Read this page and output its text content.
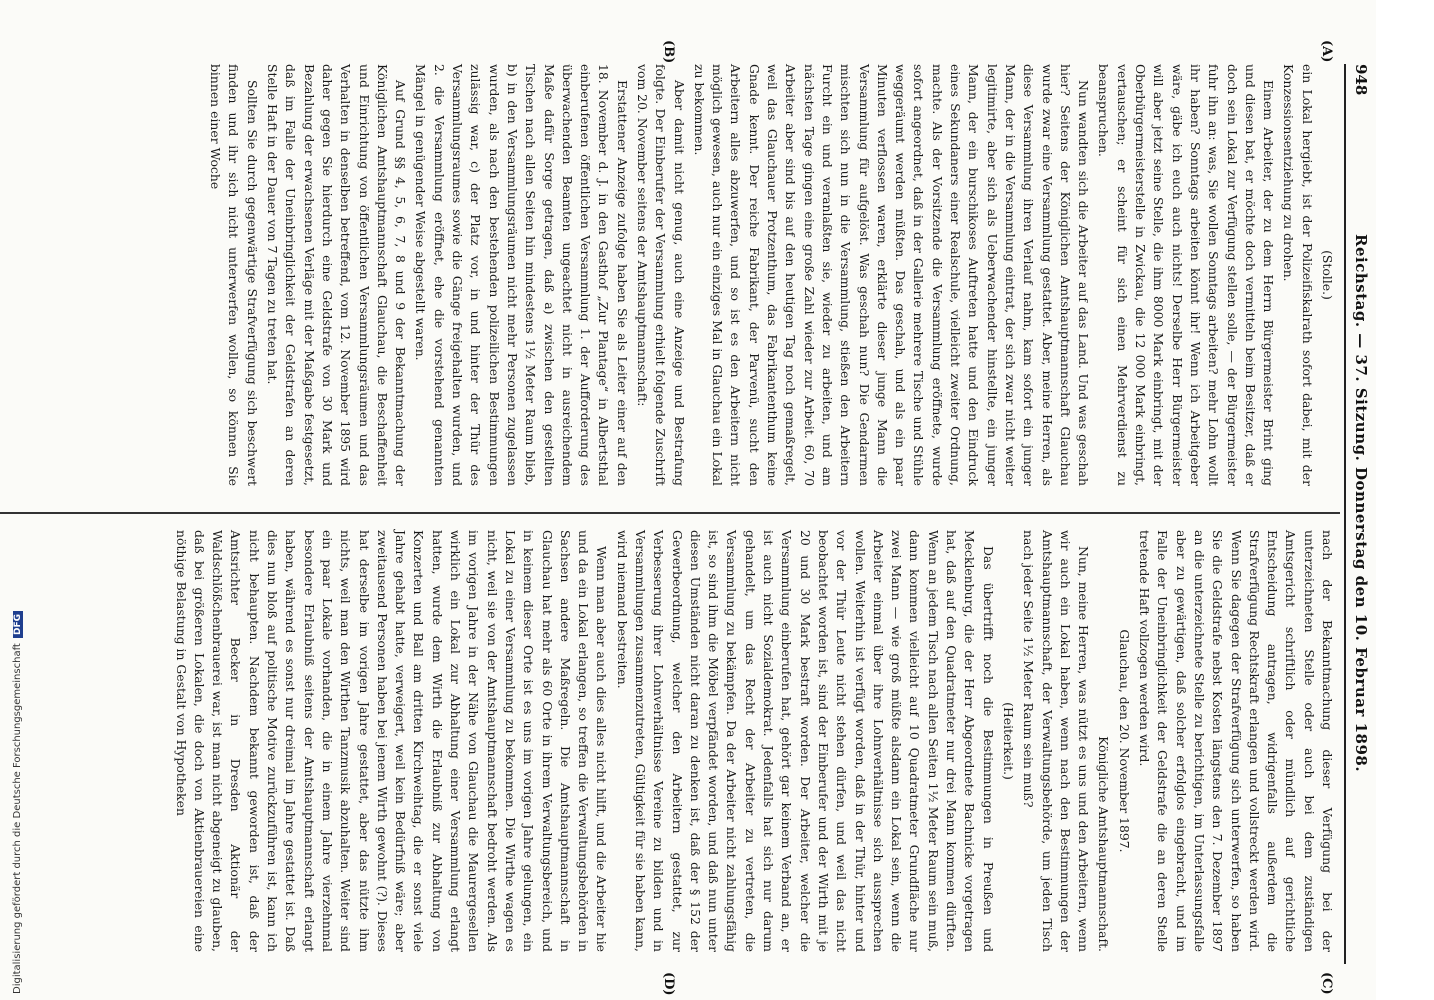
948
Reichstag. — 37. Sitzung. Donnerstag den 10. Februar 1898.
(A)
(B)
(C)
(D)

(Stolle.)

ein Lokal hergiebt, ist der Polizeifiskalrath sofort dabei, mit der Konzessionsentziehung zu drohen.

Einem Arbeiter, der zu dem Herrn Bürgermeister Brint ging und diesen bat, er möchte doch vermitteln beim Besitzer, daß er doch sein Lokal zur Verfügung stellen solle, — der Bürgermeister fuhr ihn an: was, Sie wollen Sonntags arbeiten? mehr Lohn wollt ihr haben? Sonntags arbeiten könnt ihr! Wenn ich Arbeitgeber wäre, gäbe ich euch auch nichts! Derselbe Herr Bürgermeister will aber jetzt seine Stelle, die ihm 8000 Mark einbringt, mit der Oberbürgermeisterstelle in Zwickau, die 12 000 Mark einbringt, vertauschen; er scheint für sich einen Mehrverdienst zu beanspruchen.

Nun wandten sich die Arbeiter auf das Land. Und was geschah hier? Seitens der Königlichen Amtshauptmannschaft Glauchau wurde zwar eine Versammlung gestattet. Aber, meine Herren, als diese Versammlung ihren Verlauf nahm, kam sofort ein junger Mann, der in die Versammlung eintrat, der sich zwar nicht weiter legitimirte, aber sich als Ueberwachender hinstellte, ein junger Mann, der ein burschikoses Auftreten hatte und den Eindruck eines Sekundaners einer Realschule, vielleicht zweiter Ordnung, machte. Als der Vorsitzende die Versammlung eröffnete, wurde sofort angeordnet, daß in der Gallerie mehrere Tische und Stühle weggeräumt werden müßten. Das geschah, und als ein paar Minuten verflossen waren, erklärte dieser junge Mann die Versammlung für aufgelöst. Was geschah nun? Die Gendarmen mischten sich nun in die Versammlung, stießen den Arbeitern Furcht ein und veranlaßten sie, wieder zu arbeiten, und am nächsten Tage gingen eine große Zahl wieder zur Arbeit. 60, 70 Arbeiter aber sind bis auf den heutigen Tag noch gemaßregelt, weil das Glauchauer Protzenthum, das Fabrikantenthum keine Gnade kennt. Der reiche Fabrikant, der Parvenü, sucht den Arbeitern alles abzuwerfen, und so ist es den Arbeitern nicht möglich gewesen, auch nur ein einziges Mal in Glauchau ein Lokal zu bekommen.

Aber damit nicht genug, auch eine Anzeige und Bestrafung folgte. Der Einberufer der Versammlung erhielt folgende Zuschrift vom 20. November seitens der Amtshauptmannschaft:

Erstattener Anzeige zufolge haben Sie als Leiter einer auf den 18. November d. J. in den Gasthof „Zur Plantage“ in Albertsthal einberufenen öffentlichen Versammlung 1. der Aufforderung des überwachenden Beamten ungeachtet nicht in ausreichendem Maße dafür Sorge getragen, daß a) zwischen den gestellten Tischen nach allen Seiten hin mindestens 1½ Meter Raum blieb, b) in den Versammlungsräumen nicht mehr Personen zugelassen wurden, als nach den bestehenden polizeilichen Bestimmungen zulässig war, c) der Platz vor, in und hinter der Thür des Versammlungsraumes sowie die Gänge freigehalten wurden, und 2. die Versammlung eröffnet, ehe die vorstehend genannten Mängel in genügender Weise abgestellt waren.

Auf Grund §§ 4, 5, 6, 7, 8 und 9 der Bekanntmachung der Königlichen Amtshauptmannschaft Glauchau, die Beschaffenheit und Einrichtung von öffentlichen Versammlungsräumen und das Verhalten in denselben betreffend, vom 12. November 1895 wird daher gegen Sie hierdurch eine Geldstrafe von 30 Mark und Bezahlung der erwachsenen Verläge mit der Maßgabe festgesetzt, daß im Falle der Uneinbringlichkeit der Geldstrafen an deren Stelle Haft in der Dauer von 7 Tagen zu treten hat.

Sollten Sie durch gegenwärtige Strafverfügung sich beschwert finden und ihr sich nicht unterwerfen wollen, so können Sie binnen einer Woche

nach der Bekanntmachung dieser Verfügung bei der unterzeichneten Stelle oder auch bei dem zuständigen Amtsgericht schriftlich oder mündlich auf gerichtliche Entscheidung antragen, widrigenfalls außerdem die Strafverfügung Rechtskraft erlangen und vollstreckt werden wird. Wenn Sie dagegen der Strafverfügung sich unterwerfen, so haben Sie die Geldstrafe nebst Kosten längstens den 7. Dezember 1897 an die unterzeichnete Stelle zu berichtigen, im Unterlassungsfalle aber zu gewärtigen, daß solcher erfolglos eingebracht, und im Falle der Uneinbringlichkeit der Geldstrafe die an deren Stelle tretende Haft vollzogen werden wird.

Glauchau, den 20. November 1897.

Königliche Amtshauptmannschaft.

Nun, meine Herren, was nützt es uns und den Arbeitern, wenn wir auch ein Lokal haben, wenn nach den Bestimmungen der Amtshauptmannschaft, der Verwaltungsbehörde, um jeden Tisch nach jeder Seite 1½ Meter Raum sein muß?

(Heiterkeit.)

Das übertrifft noch die Bestimmungen in Preußen und Mecklenburg, die der Herr Abgeordnete Bachnicke vorgetragen hat, daß auf den Quadratmeter nur drei Mann kommen dürften. Wenn an jedem Tisch nach allen Seiten 1½ Meter Raum sein muß, dann kommen vielleicht auf 10 Quadratmeter Grundfläche nur zwei Mann — wie groß müßte alsdann ein Lokal sein, wenn die Arbeiter einmal über ihre Lohnverhältnisse sich aussprechen wollen. Weiterhin ist verfügt worden, daß in der Thür, hinter und vor der Thür Leute nicht stehen dürfen, und weil das nicht beobachtet worden ist, sind der Einberufer und der Wirth mit je 20 und 30 Mark bestraft worden. Der Arbeiter, welcher die Versammlung einberufen hat, gehört gar keinem Verband an, er ist auch nicht Sozialdemokrat. Jedenfalls hat sich nur darum gehandelt, um das Recht der Arbeiter zu vertreten, die Versammlung zu bekämpfen. Da der Arbeiter nicht zahlungsfähig ist, so sind ihm die Möbel verpfändet worden, und daß nun unter diesen Umständen nicht daran zu denken ist, daß der § 152 der Gewerbeordnung, welcher den Arbeitern gestattet, zur Verbesserung ihrer Lohnverhältnisse Vereine zu bilden und in Versammlungen zusammenzutreten, Gültigkeit für sie haben kann, wird niemand bestreiten.

Wenn man aber auch dies alles nicht hilft, und die Arbeiter hie und da ein Lokal erlangen, so treffen die Verwaltungsbehörden in Sachsen andere Maßregeln. Die Amtshauptmannschaft in Glauchau hat mehr als 60 Orte in ihrem Verwaltungsbereich, und in keinem dieser Orte ist es uns im vorigen Jahre gelungen, ein Lokal zu einer Versammlung zu bekommen. Die Wirthe wagen es nicht, weil sie von der Amtshauptmannschaft bedroht werden. Als im vorigen Jahre in der Nähe von Glauchau die Maurergesellen wirklich ein Lokal zur Abhaltung einer Versammlung erlangt hatten, wurde dem Wirth die Erlaubniß zur Abhaltung von Konzerten und Ball am dritten Kirchweihtag, die er sonst viele Jahre gehabt hatte, verweigert, weil kein Bedürfniß wäre; aber zweitausend Personen haben bei jenem Wirth gewohnt (?). Dieses hat derselbe im vorigen Jahre gestattet, aber das nützte ihm nichts, weil man den Wirthen Tanzmusik abzuhalten. Weiter sind ein paar Lokale vorhanden, die in einem Jahre vierzehnmal besondere Erlaubniß seitens der Amtshauptmannschaft erlangt haben, während es sonst nur dreimal im Jahre gestattet ist. Daß dies nun bloß auf politische Motive zurückzuführen ist, kann ich nicht behaupten. Nachdem bekannt geworden ist, daß der Amtsrichter Becker in Dresden Aktionär der Waldschlößchenbrauerei war, ist man nicht abgeneigt zu glauben, daß bei größeren Lokalen, die doch von Aktienbrauereien eine nöthige Belastung in Gestalt von Hypotheken

Digitalisierung gefördert durch die Deutsche Forschungsgemeinschaft DFG
